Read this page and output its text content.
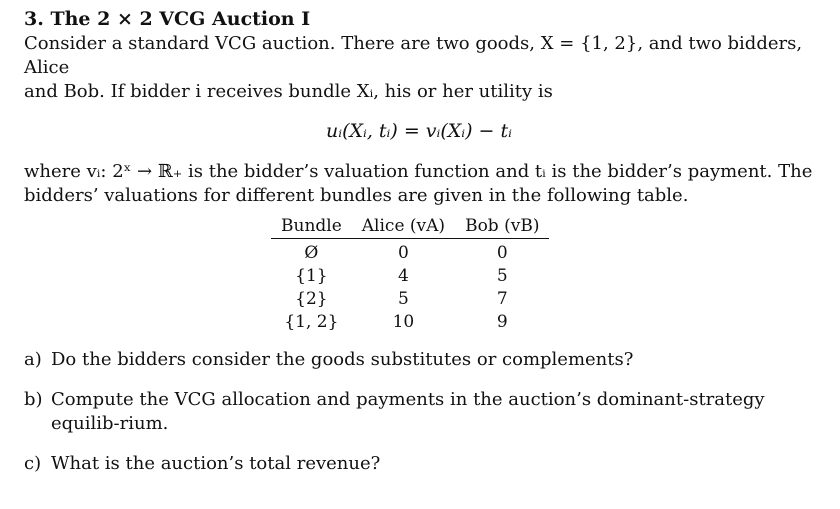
3. The 2 × 2 VCG Auction I

Consider a standard VCG auction. There are two goods, X = {1, 2}, and two bidders, Alice

and Bob. If bidder i receives bundle Xᵢ, his or her utility is

uᵢ(Xᵢ, tᵢ) = vᵢ(Xᵢ) − tᵢ

where vᵢ: 2ˣ → ℝ₊ is the bidder’s valuation function and tᵢ is the bidder’s payment. The

bidders’ valuations for different bundles are given in the following table.

Bundle	Alice (vA)	Bob (vB)
Ø	0	0
{1}	4	5
{2}	5	7
{1, 2}	10	9
a) Do the bidders consider the goods substitutes or complements?
b) Compute the VCG allocation and payments in the auction’s dominant-strategy equilib-rium.
c) What is the auction’s total revenue?
